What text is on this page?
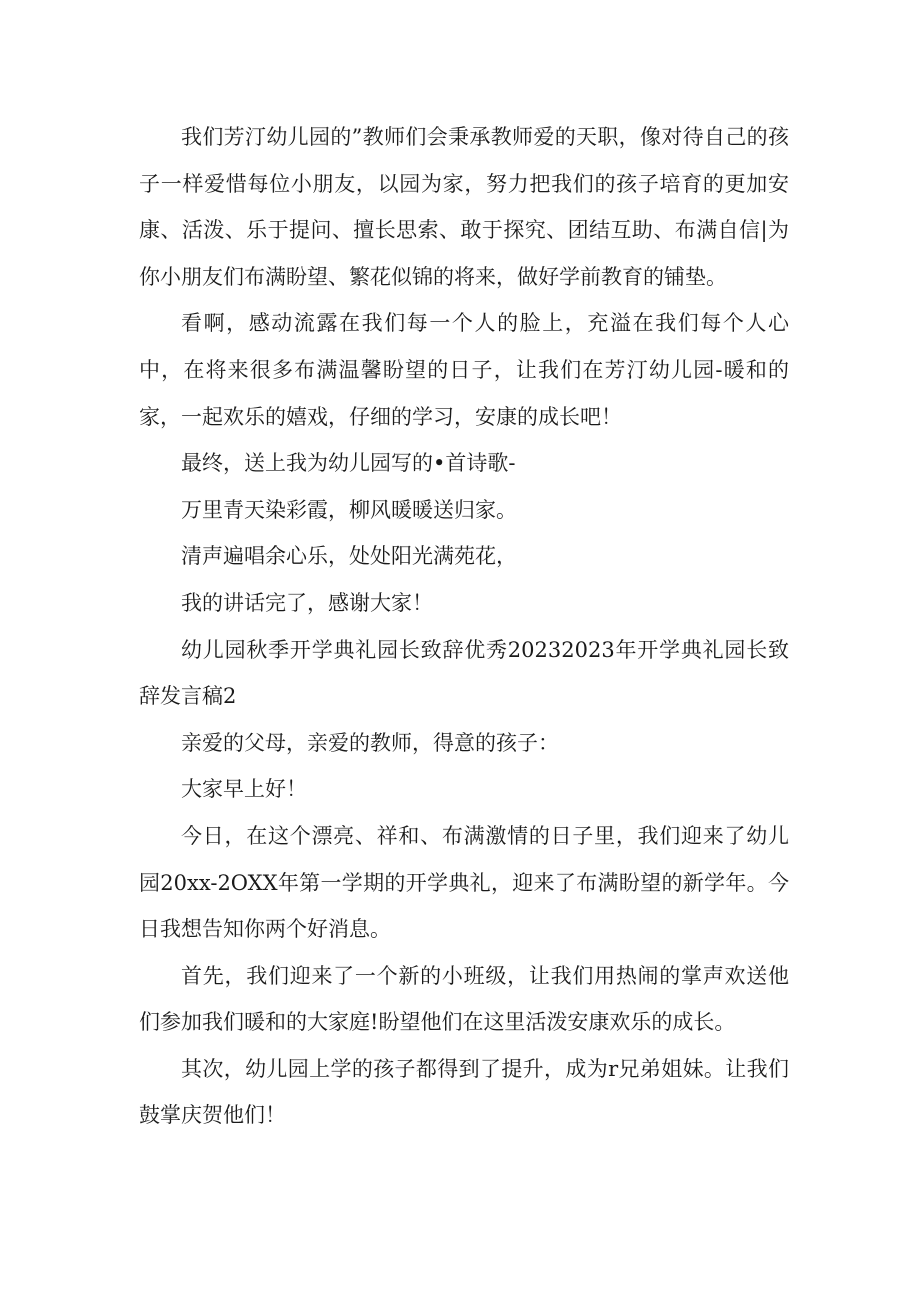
我们芳汀幼儿园的”教师们会秉承教师爱的天职，像对待自己的孩子一样爱惜每位小朋友，以园为家，努力把我们的孩子培育的更加安康、活泼、乐于提问、擅长思索、敢于探究、团结互助、布满自信|为你小朋友们布满盼望、繁花似锦的将来，做好学前教育的铺垫。

看啊，感动流露在我们每一个人的脸上，充溢在我们每个人心中，在将来很多布满温馨盼望的日子，让我们在芳汀幼儿园-暖和的家，一起欢乐的嬉戏，仔细的学习，安康的成长吧！

最终，送上我为幼儿园写的•首诗歌-

万里青天染彩霞，柳风暖暖送归家。

清声遍唱余心乐，处处阳光满苑花，

我的讲话完了，感谢大家！

幼儿园秋季开学典礼园长致辞优秀20232023年开学典礼园长致辞发言稿2

亲爱的父母，亲爱的教师，得意的孩子：

大家早上好！

今日，在这个漂亮、祥和、布满激情的日子里，我们迎来了幼儿园20xx-2OXX年第一学期的开学典礼，迎来了布满盼望的新学年。今日我想告知你两个好消息。

首先，我们迎来了一个新的小班级，让我们用热闹的掌声欢送他们参加我们暖和的大家庭!盼望他们在这里活泼安康欢乐的成长。

其次，幼儿园上学的孩子都得到了提升，成为r兄弟姐妹。让我们鼓掌庆贺他们！
